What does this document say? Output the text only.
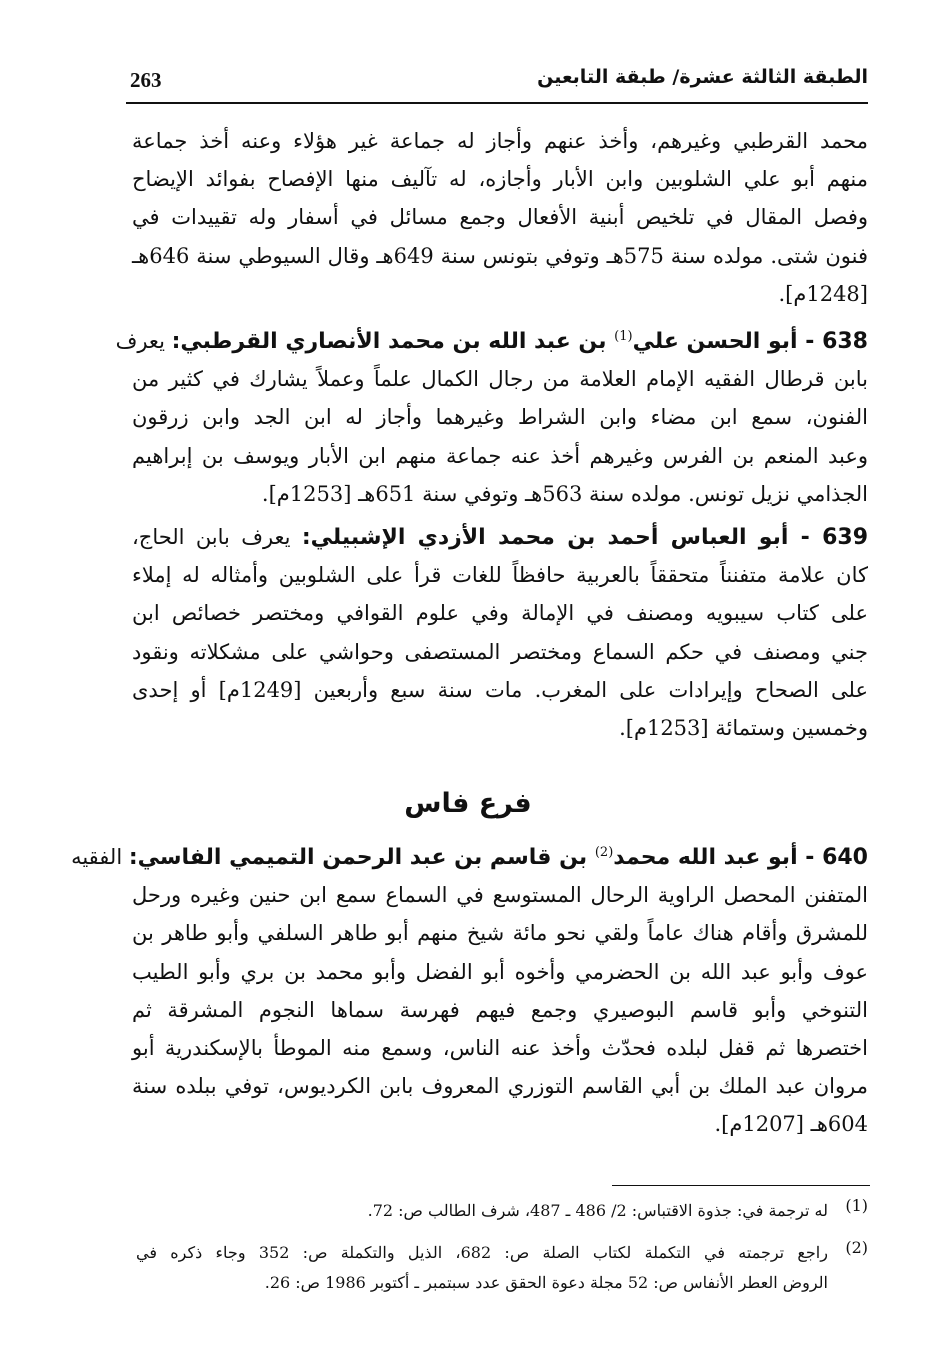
263	الطبقة الثالثة عشرة/ طبقة التابعين
محمد القرطبي وغيرهم، وأخذ عنهم وأجاز له جماعة غير هؤلاء وعنه أخذ جماعة
منهم أبو علي الشلوبين وابن الأبار وأجازه، له تآليف منها الإفصاح بفوائد الإيضاح
وفصل المقال في تلخيص أبنية الأفعال وجمع مسائل في أسفار وله تقييدات في
فنون شتى. مولده سنة 575هـ وتوفي بتونس سنة 649هـ وقال السيوطي سنة 646هـ
[1248م].
638 - أبو الحسن علي$^{(1)}$ بن عبد الله بن محمد الأنصاري القرطبي: يعرف
بابن قرطال الفقيه الإمام العلامة من رجال الكمال علماً وعملاً يشارك في كثير من
الفنون، سمع ابن مضاء وابن الشراط وغيرهما وأجاز له ابن الجد وابن زرقون
وعبد المنعم بن الفرس وغيرهم أخذ عنه جماعة منهم ابن الأبار ويوسف بن إبراهيم
الجذامي نزيل تونس. مولده سنة 563هـ وتوفي سنة 651هـ [1253م].
639 - أبو العباس أحمد بن محمد الأزدي الإشبيلي: يعرف بابن الحاج،
كان علامة متفنناً متحققاً بالعربية حافظاً للغات قرأ على الشلوبين وأمثاله له إملاء
على كتاب سيبويه ومصنف في الإمالة وفي علوم القوافي ومختصر خصائص ابن
جني ومصنف في حكم السماع ومختصر المستصفى وحواشي على مشكلاته ونقود
على الصحاح وإيرادات على المغرب. مات سنة سبع وأربعين [1249م] أو إحدى
وخمسين وستمائة [1253م].
فرع فاس
640 - أبو عبد الله محمد$^{(2)}$ بن قاسم بن عبد الرحمن التميمي الفاسي: الفقيه
المتفنن المحصل الراوية الرحال المستوسع في السماع سمع ابن حنين وغيره ورحل
للمشرق وأقام هناك عاماً ولقي نحو مائة شيخ منهم أبو طاهر السلفي وأبو طاهر بن
عوف وأبو عبد الله بن الحضرمي وأخوه أبو الفضل وأبو محمد بن بري وأبو الطيب
التنوخي وأبو قاسم البوصيري وجمع فيهم فهرسة سماها النجوم المشرقة ثم
اختصرها ثم قفل لبلده فحدّث وأخذ عنه الناس، وسمع منه الموطأ بالإسكندرية أبو
مروان عبد الملك بن أبي القاسم التوزري المعروف بابن الكرديوس، توفي ببلده سنة
604هـ [1207م].
(1)
له ترجمة في: جذوة الاقتباس: 2/ 486 ـ 487، شرف الطالب ص: 72.
(2)
راجع ترجمته في التكملة لكتاب الصلة ص: 682، الذيل والتكملة ص: 352 وجاء ذكره في
الروض العطر الأنفاس ص: 52 مجلة دعوة الحقق عدد سبتمبر ـ أكتوبر 1986 ص: 26.
